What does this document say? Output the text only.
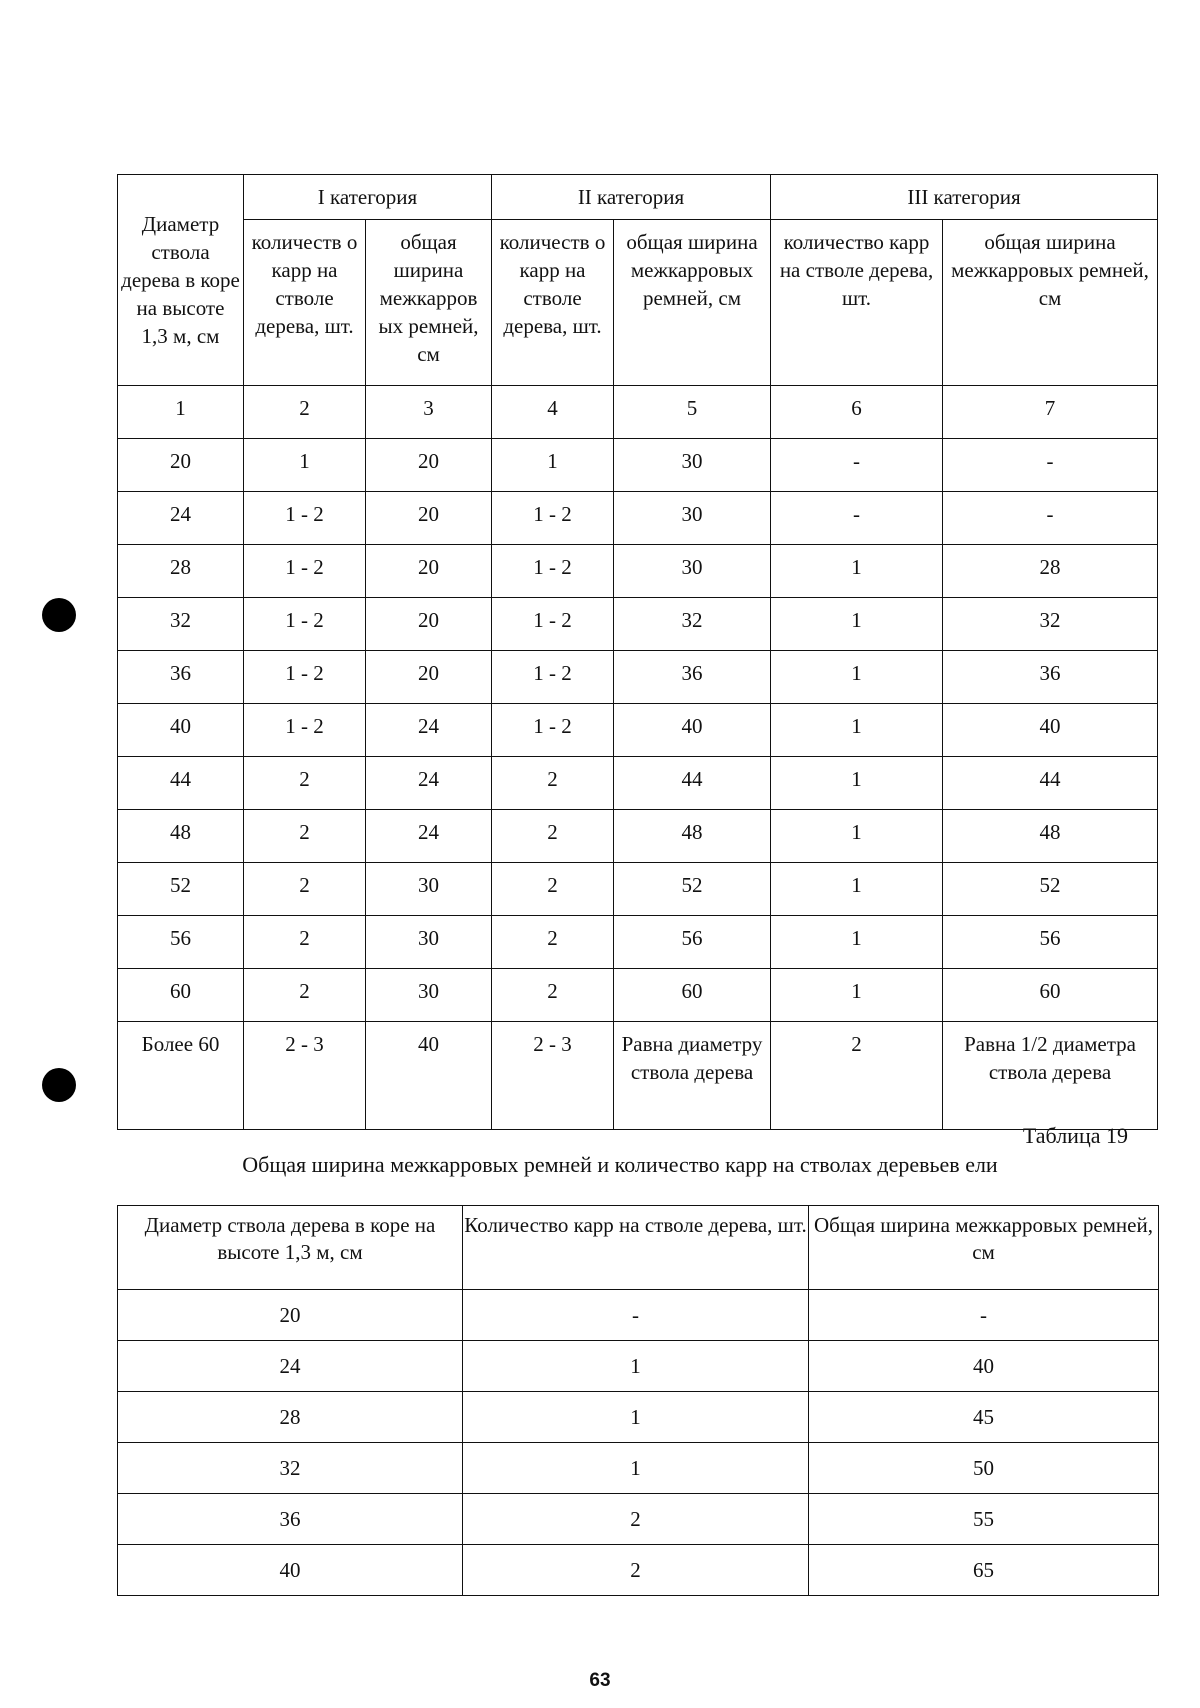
Диаметр ствола дерева в коре на высоте 1,3 м, см	I категория		II категория		III категория	
	количеств о карр на стволе дерева, шт.	общая ширина межкарров ых ремней, см	количеств о карр на стволе дерева, шт.	общая ширина межкарровых ремней, см	количество карр на стволе дерева, шт.	общая ширина межкарровых ремней, см
1	2	3	4	5	6	7
20	1	20	1	30	-	-
24	1 - 2	20	1 - 2	30	-	-
28	1 - 2	20	1 - 2	30	1	28
32	1 - 2	20	1 - 2	32	1	32
36	1 - 2	20	1 - 2	36	1	36
40	1 - 2	24	1 - 2	40	1	40
44	2	24	2	44	1	44
48	2	24	2	48	1	48
52	2	30	2	52	1	52
56	2	30	2	56	1	56
60	2	30	2	60	1	60
Более 60	2 - 3	40	2 - 3	Равна диаметру ствола дерева	2	Равна 1/2 диаметра ствола дерева
Таблица 19
Общая ширина межкарровых ремней и количество карр на стволах деревьев ели
Диаметр ствола дерева в коре на высоте 1,3 м, см	Количество карр на стволе дерева, шт.	Общая ширина межкарровых ремней, см
20	-	-
24	1	40
28	1	45
32	1	50
36	2	55
40	2	65
63
